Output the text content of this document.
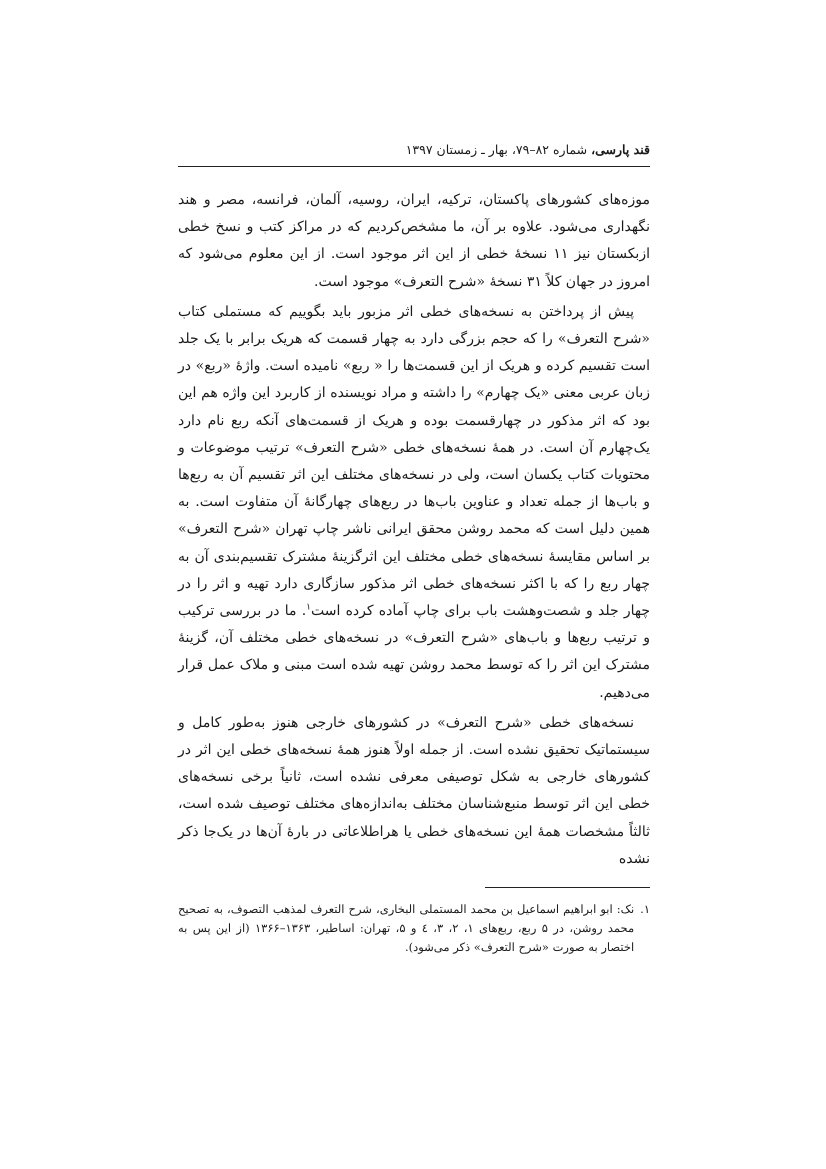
قند پارسی، شماره ۸۲–۷۹، بهار ـ زمستان ۱۳۹۷

موزه‌های کشورهای پاکستان، ترکیه، ایران، روسیه، آلمان، فرانسه، مصر و هند نگهداری می‌شود. علاوه بر آن، ما مشخص‌کردیم که در مراکز کتب و نسخ خطی ازبکستان نیز ۱۱ نسخهٔ خطی از این اثر موجود است. از این معلوم می‌شود که امروز در جهان کلاً ۳۱ نسخهٔ «شرح التعرف» موجود است.

پیش از پرداختن به نسخه‌های خطی اثر مزبور باید بگوییم که مستملی کتاب «شرح التعرف» را که حجم بزرگی دارد به چهار قسمت که هریک برابر با یک جلد است تقسیم کرده و هریک از این قسمت‌ها را « ربع» نامیده است. واژهٔ «ربع» در زبان عربی معنی «یک چهارم» را داشته و مراد نویسنده از کاربرد این واژه هم این بود که اثر مذکور در چهارقسمت بوده و هریک از قسمت‌های آنکه ربع نام دارد یک‌چهارم آن است. در همهٔ نسخه‌های خطی «شرح التعرف» ترتیب موضوعات و محتویات کتاب یکسان است، ولی در نسخه‌های مختلف این اثر تقسیم آن به ربع‌ها و باب‌ها از جمله تعداد و عناوین باب‌ها در ربع‌های چهارگانهٔ آن متفاوت است. به همین دلیل است که محمد روشن محقق ایرانی ناشر چاپ تهران «شرح التعرف» بر اساس مقایسهٔ نسخه‌های خطی مختلف این اثرگزینهٔ مشترک تقسیم‌بندی آن به چهار ربع را که با اکثر نسخه‌های خطی اثر مذکور سازگاری دارد تهیه و اثر را در چهار جلد و شصت‌وهشت باب برای چاپ آماده کرده است$^۱$. ما در بررسی ترکیب و ترتیب ربع‌ها و باب‌های «شرح التعرف» در نسخه‌های خطی مختلف آن، گزینهٔ مشترک این اثر را که توسط محمد روشن تهیه شده است مبنی و ملاک عمل قرار می‌دهیم.

نسخه‌های خطی «شرح التعرف» در کشورهای خارجی هنوز به‌طور کامل و سیستماتیک تحقیق نشده است. از جمله اولاً هنوز همهٔ نسخه‌های خطی این اثر در کشورهای خارجی به شکل توصیفی معرفی نشده است، ثانیاً برخی نسخه‌های خطی این اثر توسط منبع‌شناسان مختلف به‌اندازه‌های مختلف توصیف شده است، ثالثاً مشخصات همهٔ این نسخه‌های خطی یا هراطلاعاتی در بارهٔ آن‌ها در یک‌جا ذکر نشده

۱.
نک: ابو ابراهیم اسماعیل بن محمد المستملی البخاری، شرح التعرف لمذهب التصوف، به تصحیح محمد روشن، در ۵ ربع، ربع‌های ۱، ۲، ۳، ٤ و ۵، تهران: اساطیر، ۱۳۶۳–۱۳۶۶ (از این پس به اختصار به صورت «شرح التعرف» ذکر می‌شود).
